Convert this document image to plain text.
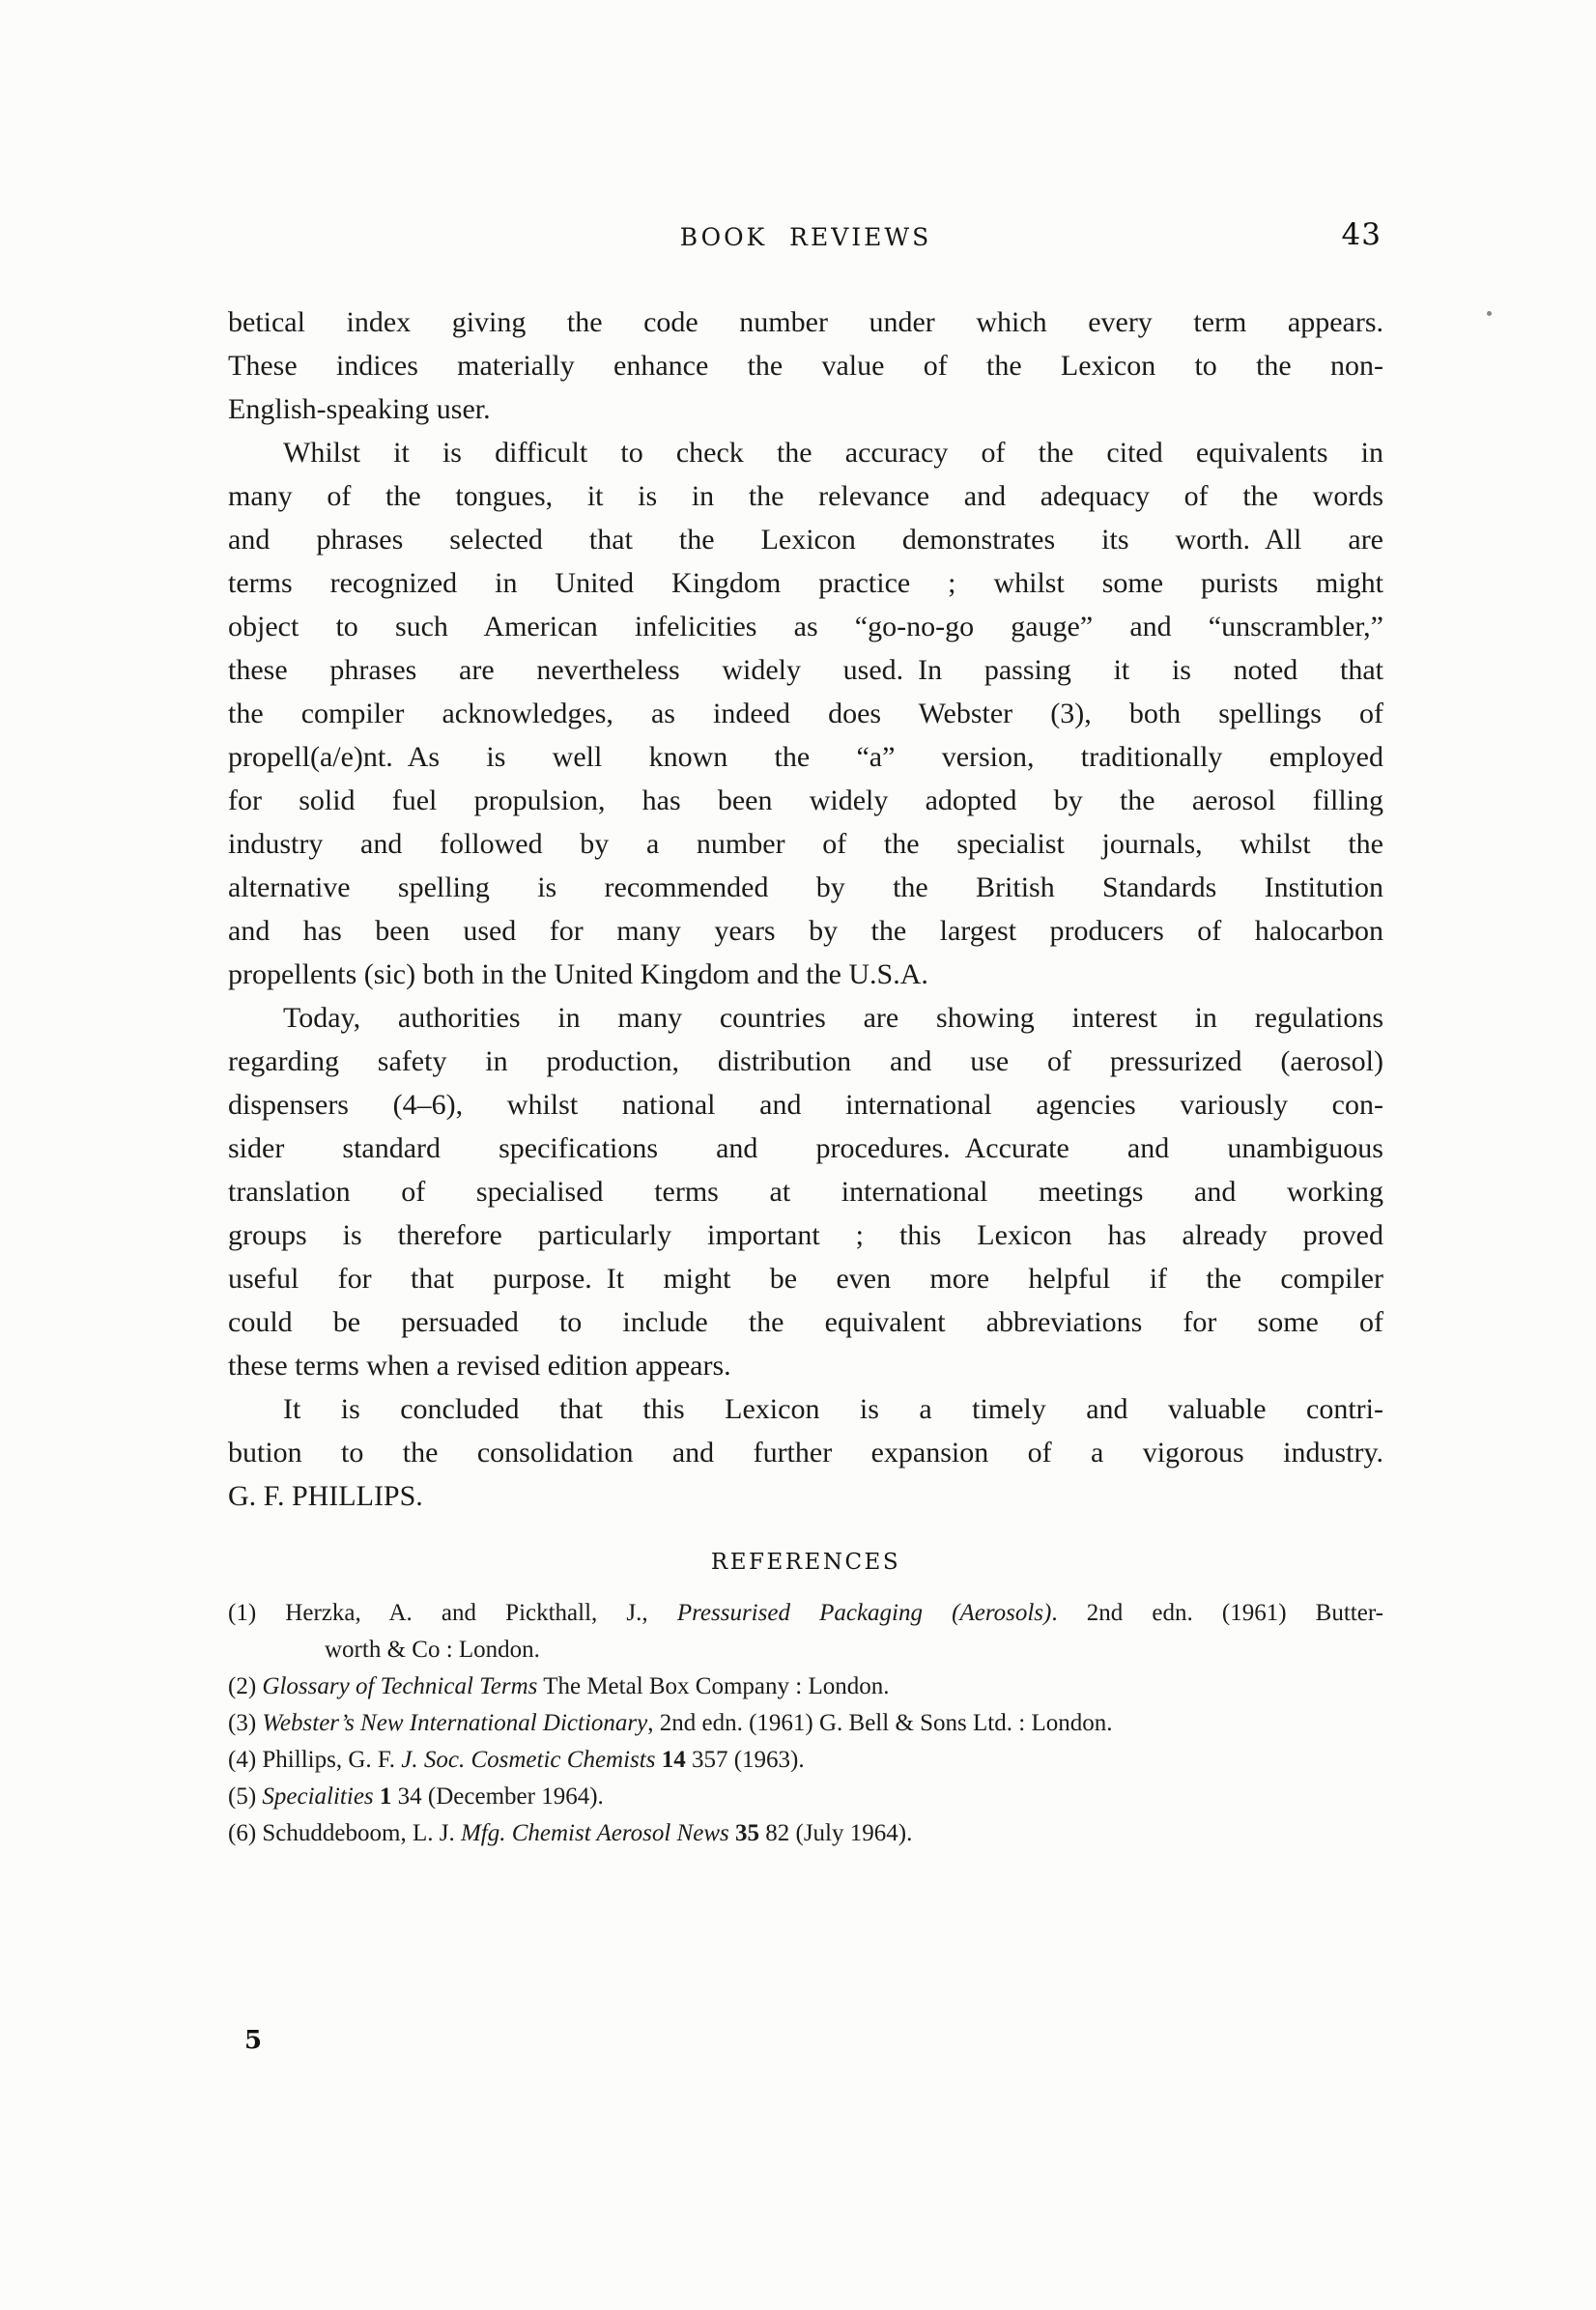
BOOK REVIEWS	43
betical index giving the code number under which every term appears.
These indices materially enhance the value of the Lexicon to the non-
English-speaking user.
Whilst it is difficult to check the accuracy of the cited equivalents in
many of the tongues, it is in the relevance and adequacy of the words
and phrases selected that the Lexicon demonstrates its worth. All are
terms recognized in United Kingdom practice ; whilst some purists might
object to such American infelicities as “go-no-go gauge” and “unscrambler,”
these phrases are nevertheless widely used. In passing it is noted that
the compiler acknowledges, as indeed does Webster (3), both spellings of
propell(a/e)nt. As is well known the “a” version, traditionally employed
for solid fuel propulsion, has been widely adopted by the aerosol filling
industry and followed by a number of the specialist journals, whilst the
alternative spelling is recommended by the British Standards Institution
and has been used for many years by the largest producers of halocarbon
propellents (sic) both in the United Kingdom and the U.S.A.
Today, authorities in many countries are showing interest in regulations
regarding safety in production, distribution and use of pressurized (aerosol)
dispensers (4–6), whilst national and international agencies variously con-
sider standard specifications and procedures. Accurate and unambiguous
translation of specialised terms at international meetings and working
groups is therefore particularly important ; this Lexicon has already proved
useful for that purpose. It might be even more helpful if the compiler
could be persuaded to include the equivalent abbreviations for some of
these terms when a revised edition appears.
It is concluded that this Lexicon is a timely and valuable contri-
bution to the consolidation and further expansion of a vigorous industry.
G. F. PHILLIPS.
REFERENCES
(1) Herzka, A. and Pickthall, J., Pressurised Packaging (Aerosols). 2nd edn. (1961) Butter-
worth & Co : London.
(2) Glossary of Technical Terms The Metal Box Company : London.
(3) Webster’s New International Dictionary, 2nd edn. (1961) G. Bell & Sons Ltd. : London.
(4) Phillips, G. F. J. Soc. Cosmetic Chemists 14 357 (1963).
(5) Specialities 1 34 (December 1964).
(6) Schuddeboom, L. J. Mfg. Chemist Aerosol News 35 82 (July 1964).
5
